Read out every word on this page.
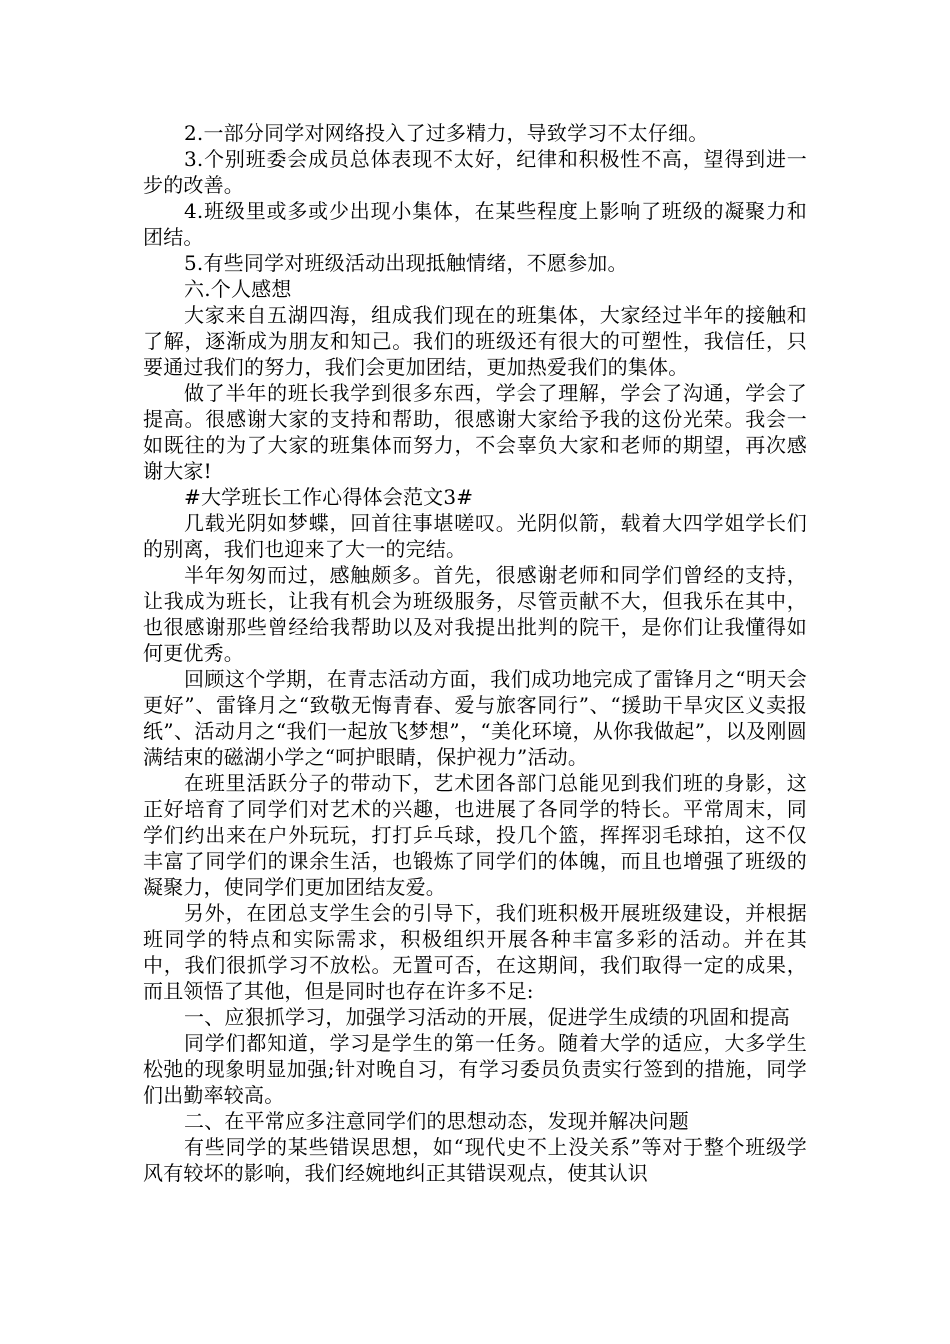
2.一部分同学对网络投入了过多精力，导致学习不太仔细。

3.个别班委会成员总体表现不太好，纪律和积极性不高，望得到进一步的改善。

4.班级里或多或少出现小集体，在某些程度上影响了班级的凝聚力和团结。

5.有些同学对班级活动出现抵触情绪，不愿参加。

六.个人感想

大家来自五湖四海，组成我们现在的班集体，大家经过半年的接触和了解，逐渐成为朋友和知己。我们的班级还有很大的可塑性，我信任，只要通过我们的努力，我们会更加团结，更加热爱我们的集体。

做了半年的班长我学到很多东西，学会了理解，学会了沟通，学会了提高。很感谢大家的支持和帮助，很感谢大家给予我的这份光荣。我会一如既往的为了大家的班集体而努力，不会辜负大家和老师的期望，再次感谢大家!

#大学班长工作心得体会范文3#

几载光阴如梦蝶，回首往事堪嗟叹。光阴似箭，载着大四学姐学长们的别离，我们也迎来了大一的完结。

半年匆匆而过，感触颇多。首先，很感谢老师和同学们曾经的支持，让我成为班长，让我有机会为班级服务，尽管贡献不大，但我乐在其中，也很感谢那些曾经给我帮助以及对我提出批判的院干，是你们让我懂得如何更优秀。

回顾这个学期，在青志活动方面，我们成功地完成了雷锋月之“明天会更好”、雷锋月之“致敬无悔青春、爱与旅客同行”、“援助干旱灾区义卖报纸”、活动月之“我们一起放飞梦想”，“美化环境，从你我做起”，以及刚圆满结束的磁湖小学之“呵护眼睛，保护视力”活动。

在班里活跃分子的带动下，艺术团各部门总能见到我们班的身影，这正好培育了同学们对艺术的兴趣，也进展了各同学的特长。平常周末，同学们约出来在户外玩玩，打打乒乓球，投几个篮，挥挥羽毛球拍，这不仅丰富了同学们的课余生活，也锻炼了同学们的体魄，而且也增强了班级的凝聚力，使同学们更加团结友爱。

另外，在团总支学生会的引导下，我们班积极开展班级建设，并根据班同学的特点和实际需求，积极组织开展各种丰富多彩的活动。并在其中，我们很抓学习不放松。无置可否，在这期间，我们取得一定的成果，而且领悟了其他，但是同时也存在许多不足:

一、应狠抓学习，加强学习活动的开展，促进学生成绩的巩固和提高

同学们都知道，学习是学生的第一任务。随着大学的适应，大多学生松弛的现象明显加强;针对晚自习，有学习委员负责实行签到的措施，同学们出勤率较高。

二、在平常应多注意同学们的思想动态，发现并解决问题

有些同学的某些错误思想，如“现代史不上没关系”等对于整个班级学风有较坏的影响，我们经婉地纠正其错误观点，使其认识
